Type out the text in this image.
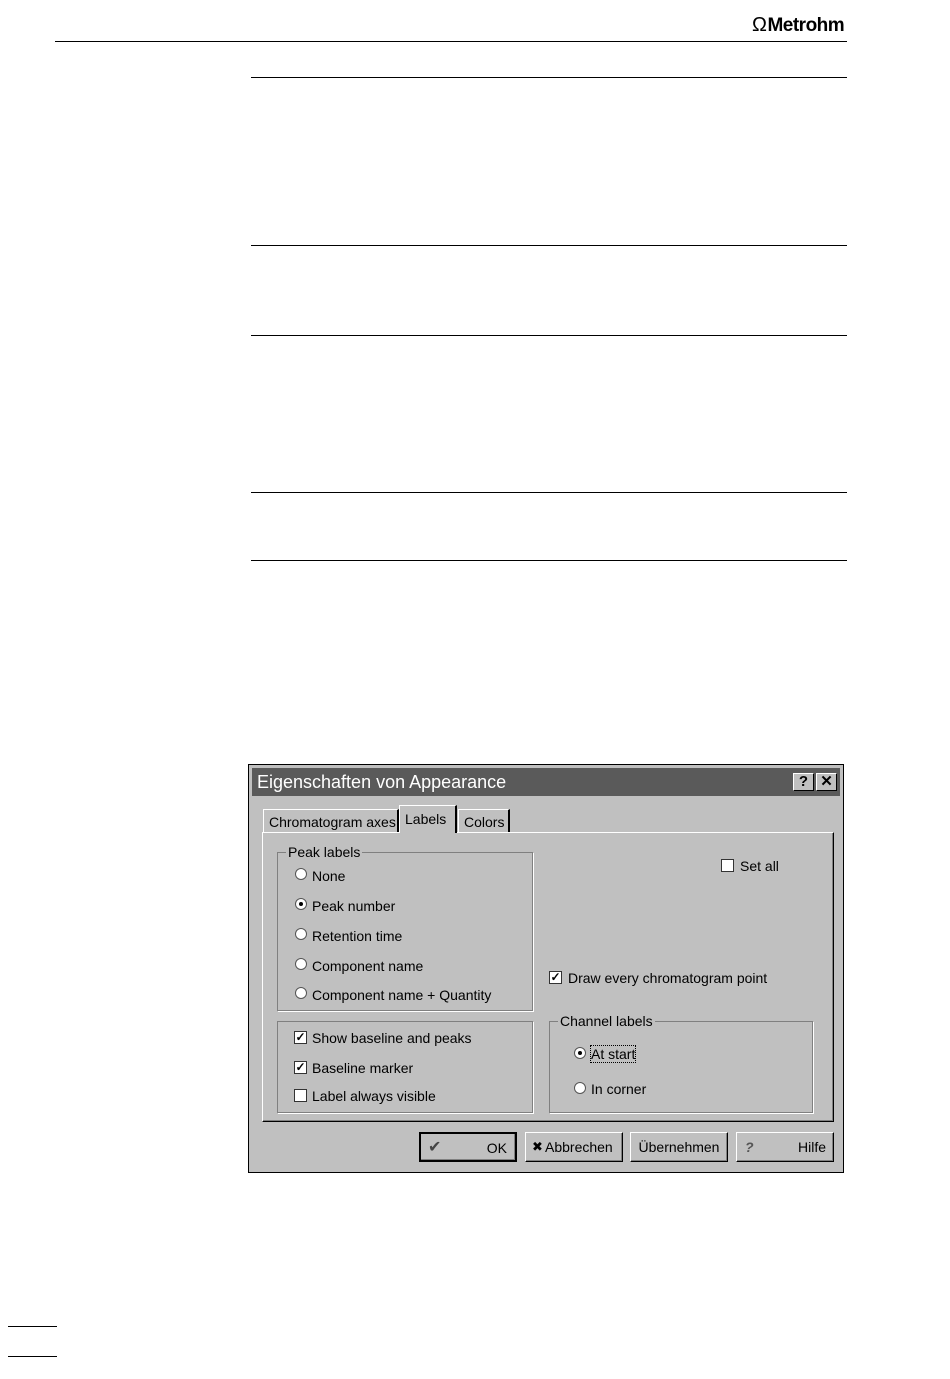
ΩMetrohm
Eigenschaften von Appearance	? ✕
Chromatogram axes Labels	Colors
Peak labels
None
Peak number
Retention time
Component name
Component name + Quantity
✓ Show baseline and peaks
✓ Baseline marker
Label always visible
Set all
✓ Draw every chromatogram point
Channel labels
At start
In corner
✔	OK ✖ Abbrechen	Übernehmen	?	Hilfe
